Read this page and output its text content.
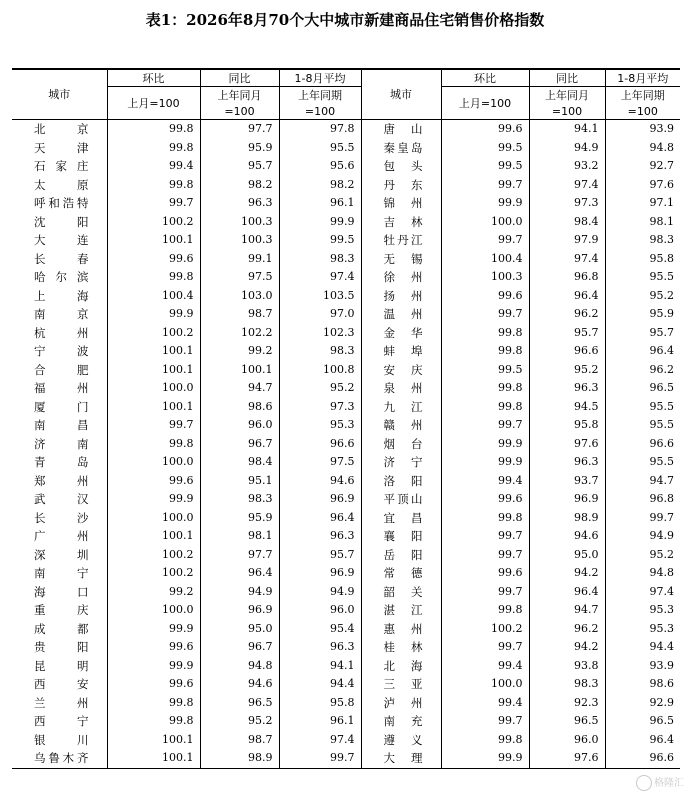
表1：2026年8月70个大中城市新建商品住宅销售价格指数
城市	环比	同比	1-8月平均	城市	环比	同比	1-8月平均
	上月=100	上年同月	上年同期		上月=100	上年同月	上年同期
		=100	=100			=100	=100
北京	99.8	97.7	97.8	唐山	99.6	94.1	93.9
天津	99.8	95.9	95.5	秦皇岛	99.5	94.9	94.8
石家庄	99.4	95.7	95.6	包头	99.5	93.2	92.7
太原	99.8	98.2	98.2	丹东	99.7	97.4	97.6
呼和浩特	99.7	96.3	96.1	锦州	99.9	97.3	97.1
沈阳	100.2	100.3	99.9	吉林	100.0	98.4	98.1
大连	100.1	100.3	99.5	牡丹江	99.7	97.9	98.3
长春	99.6	99.1	98.3	无锡	100.4	97.4	95.8
哈尔滨	99.8	97.5	97.4	徐州	100.3	96.8	95.5
上海	100.4	103.0	103.5	扬州	99.6	96.4	95.2
南京	99.9	98.7	97.0	温州	99.7	96.2	95.9
杭州	100.2	102.2	102.3	金华	99.8	95.7	95.7
宁波	100.1	99.2	98.3	蚌埠	99.8	96.6	96.4
合肥	100.1	100.1	100.8	安庆	99.5	95.2	96.2
福州	100.0	94.7	95.2	泉州	99.8	96.3	96.5
厦门	100.1	98.6	97.3	九江	99.8	94.5	95.5
南昌	99.7	96.0	95.3	赣州	99.7	95.8	95.5
济南	99.8	96.7	96.6	烟台	99.9	97.6	96.6
青岛	100.0	98.4	97.5	济宁	99.9	96.3	95.5
郑州	99.6	95.1	94.6	洛阳	99.4	93.7	94.7
武汉	99.9	98.3	96.9	平顶山	99.6	96.9	96.8
长沙	100.0	95.9	96.4	宜昌	99.8	98.9	99.7
广州	100.1	98.1	96.3	襄阳	99.7	94.6	94.9
深圳	100.2	97.7	95.7	岳阳	99.7	95.0	95.2
南宁	100.2	96.4	96.9	常德	99.6	94.2	94.8
海口	99.2	94.9	94.9	韶关	99.7	96.4	97.4
重庆	100.0	96.9	96.0	湛江	99.8	94.7	95.3
成都	99.9	95.0	95.4	惠州	100.2	96.2	95.3
贵阳	99.6	96.7	96.3	桂林	99.7	94.2	94.4
昆明	99.9	94.8	94.1	北海	99.4	93.8	93.9
西安	99.6	94.6	94.4	三亚	100.0	98.3	98.6
兰州	99.8	96.5	95.8	泸州	99.4	92.3	92.9
西宁	99.8	95.2	96.1	南充	99.7	96.5	96.5
银川	100.1	98.7	97.4	遵义	99.8	96.0	96.4
乌鲁木齐	100.1	98.9	99.7	大理	99.9	97.6	96.6
格隆汇
